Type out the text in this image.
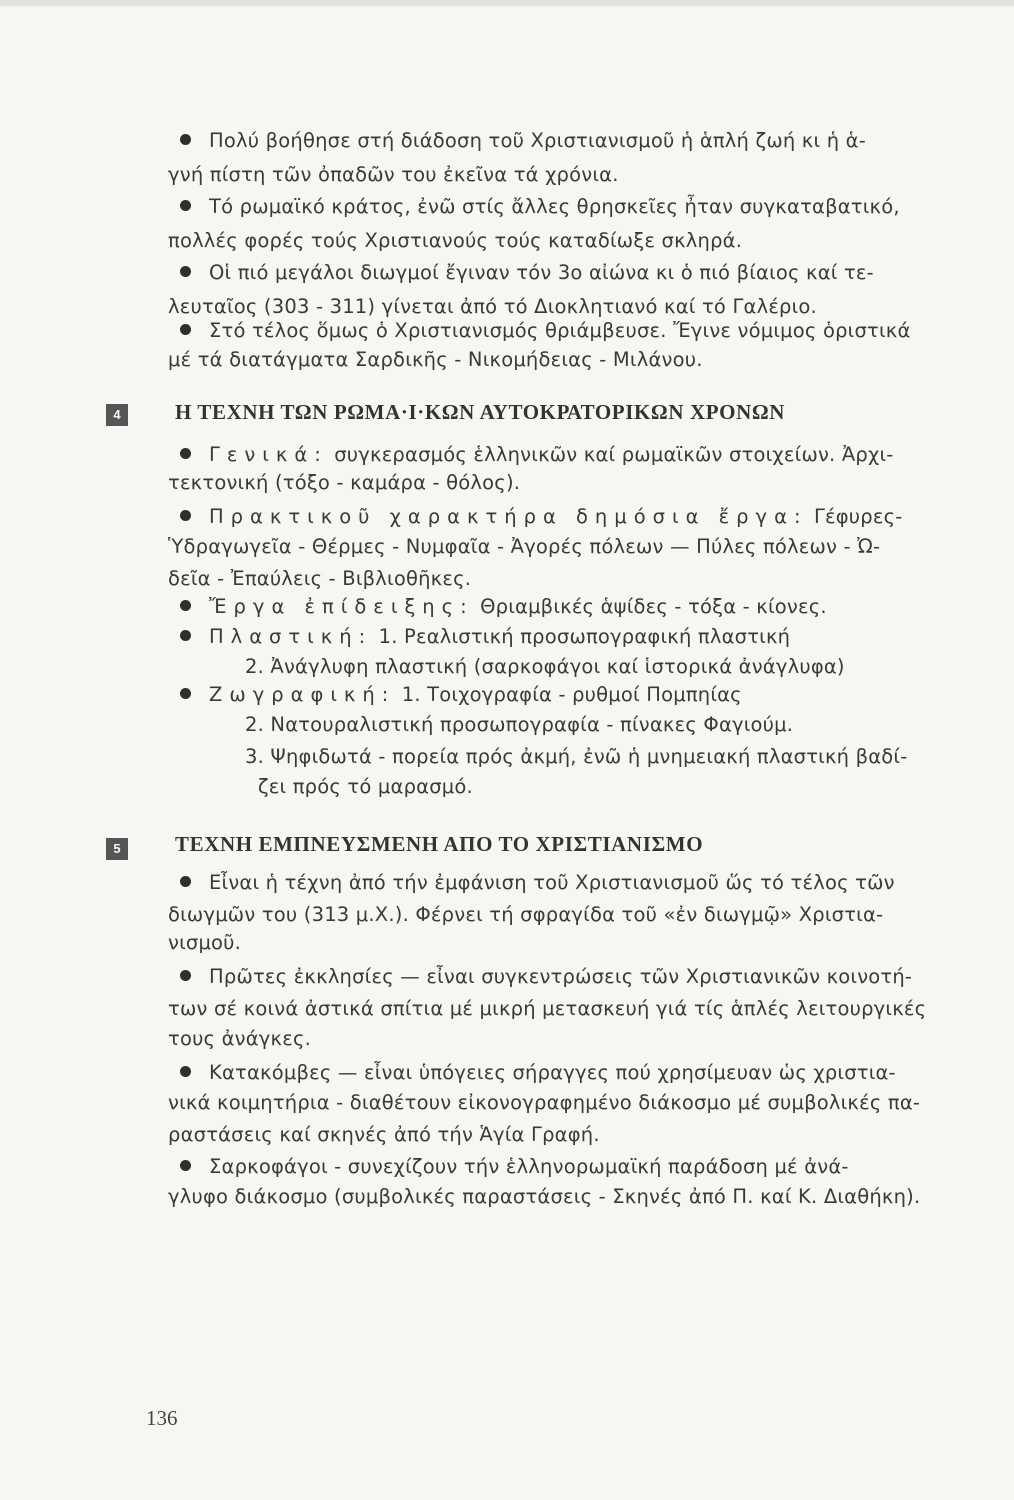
Πολύ βοήθησε στή διάδοση τοῦ Χριστιανισμοῦ ἡ ἁπλή ζωή κι ἡ ἁ-

γνή πίστη τῶν ὀπαδῶν του ἐκεῖνα τά χρόνια.

Τό ρωμαϊκό κράτος, ἐνῶ στίς ἄλλες θρησκεῖες ἦταν συγκαταβατικό,

πολλές φορές τούς Χριστιανούς τούς καταδίωξε σκληρά.

Οἱ πιό μεγάλοι διωγμοί ἔγιναν τόν 3ο αἰώνα κι ὁ πιό βίαιος καί τε-

λευταῖος (303 - 311) γίνεται ἀπό τό Διοκλητιανό καί τό Γαλέριο.

Στό τέλος ὅμως ὁ Χριστιανισμός θριάμβευσε. Ἔγινε νόμιμος ὁριστικά

μέ τά διατάγματα Σαρδικῆς - Νικομήδειας - Μιλάνου.

4	Η ΤΕΧΝΗ ΤΩΝ ΡΩΜΑ·Ι·ΚΩΝ ΑΥΤΟΚΡΑΤΟΡΙΚΩΝ ΧΡΟΝΩΝ

Γενικά: συγκερασμός ἑλληνικῶν καί ρωμαϊκῶν στοιχείων. Ἀρχι-

τεκτονική (τόξο - καμάρα - θόλος).

Πρακτικοῦ χαρακτήρα δημόσια ἔργα: Γέφυρες-

Ὑδραγωγεῖα - Θέρμες - Νυμφαῖα - Ἀγορές πόλεων — Πύλες πόλεων - Ὠ-

δεῖα - Ἐπαύλεις - Βιβλιοθῆκες.

Ἔργα ἐπίδειξης: Θριαμβικές ἁψίδες - τόξα - κίονες.

Πλαστική: 1. Ρεαλιστική προσωπογραφική πλαστική

2. Ἀνάγλυφη πλαστική (σαρκοφάγοι καί ἱστορικά ἀνάγλυφα)

Ζωγραφική: 1. Τοιχογραφία - ρυθμοί Πομπηίας

2. Νατουραλιστική προσωπογραφία - πίνακες Φαγιούμ.

3. Ψηφιδωτά - πορεία πρός ἀκμή, ἐνῶ ἡ μνημειακή πλαστική βαδί-

ζει πρός τό μαρασμό.

5	ΤΕΧΝΗ ΕΜΠΝΕΥΣΜΕΝΗ ΑΠΟ ΤΟ ΧΡΙΣΤΙΑΝΙΣΜΟ

Εἶναι ἡ τέχνη ἀπό τήν ἐμφάνιση τοῦ Χριστιανισμοῦ ὥς τό τέλος τῶν

διωγμῶν του (313 μ.Χ.). Φέρνει τή σφραγίδα τοῦ «ἐν διωγμῷ» Χριστια-

νισμοῦ.

Πρῶτες ἐκκλησίες — εἶναι συγκεντρώσεις τῶν Χριστιανικῶν κοινοτή-

των σέ κοινά ἀστικά σπίτια μέ μικρή μετασκευή γιά τίς ἁπλές λειτουργικές

τους ἀνάγκες.

Κατακόμβες — εἶναι ὑπόγειες σήραγγες πού χρησίμευαν ὡς χριστια-

νικά κοιμητήρια - διαθέτουν εἰκονογραφημένο διάκοσμο μέ συμβολικές πα-

ραστάσεις καί σκηνές ἀπό τήν Ἁγία Γραφή.

Σαρκοφάγοι - συνεχίζουν τήν ἑλληνορωμαϊκή παράδοση μέ ἀνά-

γλυφο διάκοσμο (συμβολικές παραστάσεις - Σκηνές ἀπό Π. καί Κ. Διαθήκη).

136
